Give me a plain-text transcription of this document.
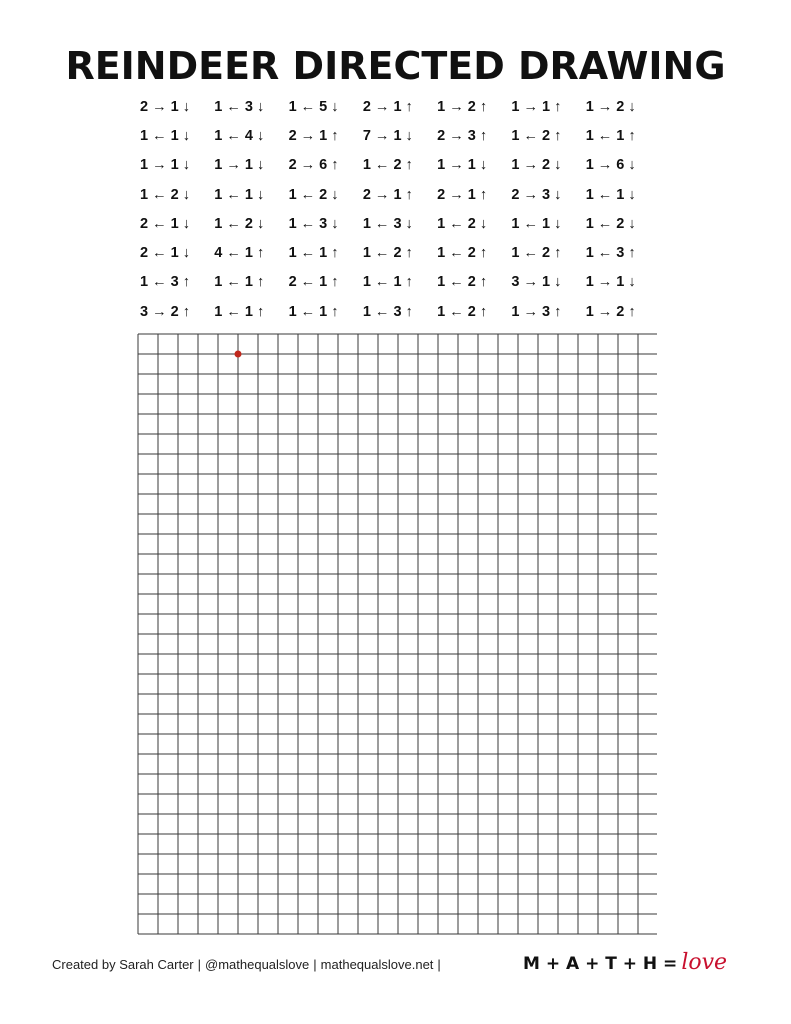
REINDEER DIRECTED DRAWING
2 → 1 ↓	1 ← 3 ↓	1 ← 5 ↓	2 → 1 ↑	1 → 2 ↑	1 → 1 ↑	1 → 2 ↓
1 ← 1 ↓	1 ← 4 ↓	2 → 1 ↑	7 → 1 ↓	2 → 3 ↑	1 ← 2 ↑	1 ← 1 ↑
1 → 1 ↓	1 → 1 ↓	2 → 6 ↑	1 ← 2 ↑	1 → 1 ↓	1 → 2 ↓	1 → 6 ↓
1 ← 2 ↓	1 ← 1 ↓	1 ← 2 ↓	2 → 1 ↑	2 → 1 ↑	2 → 3 ↓	1 ← 1 ↓
2 ← 1 ↓	1 ← 2 ↓	1 ← 3 ↓	1 ← 3 ↓	1 ← 2 ↓	1 ← 1 ↓	1 ← 2 ↓
2 ← 1 ↓	4 ← 1 ↑	1 ← 1 ↑	1 ← 2 ↑	1 ← 2 ↑	1 ← 2 ↑	1 ← 3 ↑
1 ← 3 ↑	1 ← 1 ↑	2 ← 1 ↑	1 ← 1 ↑	1 ← 2 ↑	3 → 1 ↓	1 → 1 ↓
3 → 2 ↑	1 ← 1 ↑	1 ← 1 ↑	1 ← 3 ↑	1 ← 2 ↑	1 → 3 ↑	1 → 2 ↑
Created by Sarah Carter | @mathequalslove | mathequalslove.net |	M + A + T + H = love
